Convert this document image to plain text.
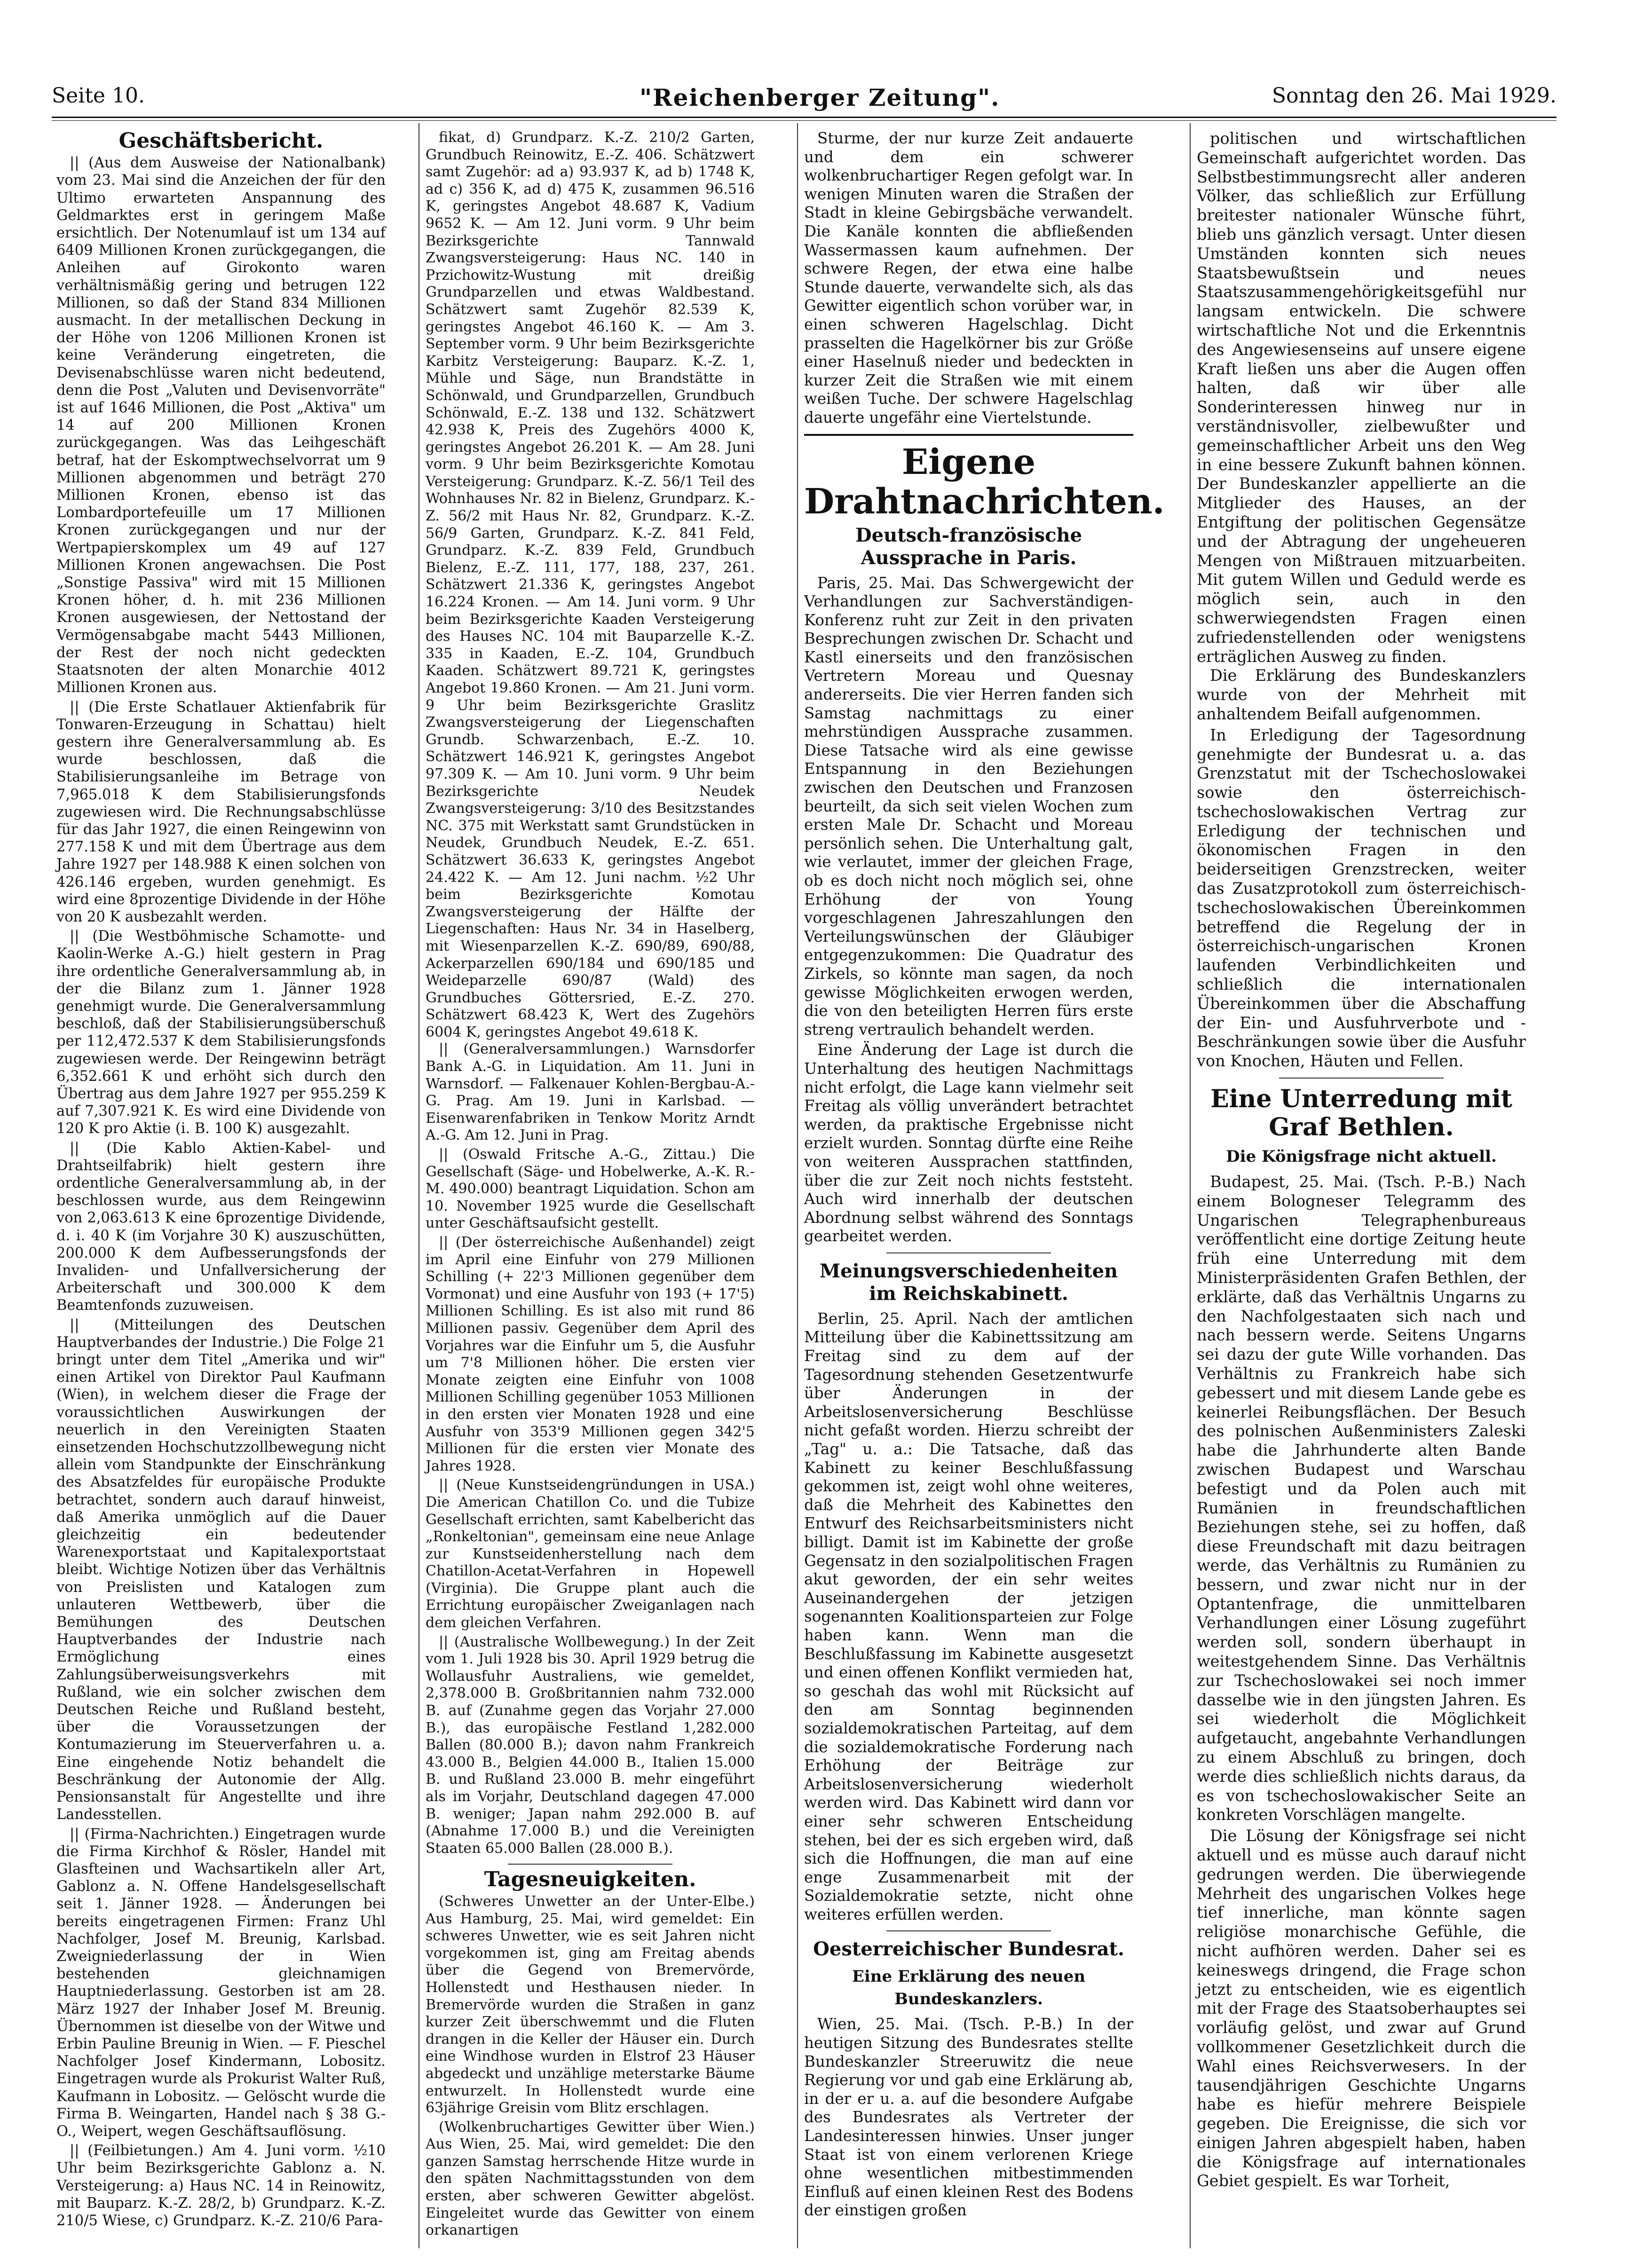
Seite 10.	"Reichenberger Zeitung".	Sonntag den 26. Mai 1929.
Geschäftsbericht.

|| (Aus dem Ausweise der Nationalbank) vom 23. Mai sind die Anzeichen der für den Ultimo erwarteten Anspannung des Geldmarktes erst in geringem Maße ersichtlich. Der Notenumlauf ist um 134 auf 6409 Millionen Kronen zurückgegangen, die Anleihen auf Girokonto waren verhältnismäßig gering und betrugen 122 Millionen, so daß der Stand 834 Millionen ausmacht. In der metallischen Deckung in der Höhe von 1206 Millionen Kronen ist keine Veränderung eingetreten, die Devisenabschlüsse waren nicht bedeutend, denn die Post „Valuten und Devisenvorräte" ist auf 1646 Millionen, die Post „Aktiva" um 14 auf 200 Millionen Kronen zurückgegangen. Was das Leihgeschäft betraf, hat der Eskomptwechselvorrat um 9 Millionen abgenommen und beträgt 270 Millionen Kronen, ebenso ist das Lombardportefeuille um 17 Millionen Kronen zurückgegangen und nur der Wertpapierskomplex um 49 auf 127 Millionen Kronen angewachsen. Die Post „Sonstige Passiva" wird mit 15 Millionen Kronen höher, d. h. mit 236 Millionen Kronen ausgewiesen, der Nettostand der Vermögensabgabe macht 5443 Millionen, der Rest der noch nicht gedeckten Staatsnoten der alten Monarchie 4012 Millionen Kronen aus.

|| (Die Erste Schatlauer Aktienfabrik für Tonwaren-Erzeugung in Schattau) hielt gestern ihre Generalversammlung ab. Es wurde beschlossen, daß die Stabilisierungsanleihe im Betrage von 7,965.018 K dem Stabilisierungsfonds zugewiesen wird. Die Rechnungsabschlüsse für das Jahr 1927, die einen Reingewinn von 277.158 K und mit dem Übertrage aus dem Jahre 1927 per 148.988 K einen solchen von 426.146 ergeben, wurden genehmigt. Es wird eine 8prozentige Dividende in der Höhe von 20 K ausbezahlt werden.

|| (Die Westböhmische Schamotte- und Kaolin-Werke A.-G.) hielt gestern in Prag ihre ordentliche Generalversammlung ab, in der die Bilanz zum 1. Jänner 1928 genehmigt wurde. Die Generalversammlung beschloß, daß der Stabilisierungsüberschuß per 112,472.537 K dem Stabilisierungsfonds zugewiesen werde. Der Reingewinn beträgt 6,352.661 K und erhöht sich durch den Übertrag aus dem Jahre 1927 per 955.259 K auf 7,307.921 K. Es wird eine Dividende von 120 K pro Aktie (i. B. 100 K) ausgezahlt.

|| (Die Kablo Aktien-Kabel- und Drahtseilfabrik) hielt gestern ihre ordentliche Generalversammlung ab, in der beschlossen wurde, aus dem Reingewinn von 2,063.613 K eine 6prozentige Dividende, d. i. 40 K (im Vorjahre 30 K) auszuschütten, 200.000 K dem Aufbesserungsfonds der Invaliden- und Unfallversicherung der Arbeiterschaft und 300.000 K dem Beamtenfonds zuzuweisen.

|| (Mitteilungen des Deutschen Hauptverbandes der Industrie.) Die Folge 21 bringt unter dem Titel „Amerika und wir" einen Artikel von Direktor Paul Kaufmann (Wien), in welchem dieser die Frage der voraussichtlichen Auswirkungen der neuerlich in den Vereinigten Staaten einsetzenden Hochschutzzollbewegung nicht allein vom Standpunkte der Einschränkung des Absatzfeldes für europäische Produkte betrachtet, sondern auch darauf hinweist, daß Amerika unmöglich auf die Dauer gleichzeitig ein bedeutender Warenexportstaat und Kapitalexportstaat bleibt. Wichtige Notizen über das Verhältnis von Preislisten und Katalogen zum unlauteren Wettbewerb, über die Bemühungen des Deutschen Hauptverbandes der Industrie nach Ermöglichung eines Zahlungsüberweisungsverkehrs mit Rußland, wie ein solcher zwischen dem Deutschen Reiche und Rußland besteht, über die Voraussetzungen der Kontumazierung im Steuerverfahren u. a. Eine eingehende Notiz behandelt die Beschränkung der Autonomie der Allg. Pensionsanstalt für Angestellte und ihre Landesstellen.

|| (Firma-Nachrichten.) Eingetragen wurde die Firma Kirchhof & Rösler, Handel mit Glasfteinen und Wachsartikeln aller Art, Gablonz a. N. Offene Handelsgesellschaft seit 1. Jänner 1928. — Änderungen bei bereits eingetragenen Firmen: Franz Uhl Nachfolger, Josef M. Breunig, Karlsbad. Zweigniederlassung der in Wien bestehenden gleichnamigen Hauptniederlassung. Gestorben ist am 28. März 1927 der Inhaber Josef M. Breunig. Übernommen ist dieselbe von der Witwe und Erbin Pauline Breunig in Wien. — F. Pieschel Nachfolger Josef Kindermann, Lobositz. Eingetragen wurde als Prokurist Walter Ruß, Kaufmann in Lobositz. — Gelöscht wurde die Firma B. Weingarten, Handel nach § 38 G.-O., Weipert, wegen Geschäftsauflösung.

|| (Feilbietungen.) Am 4. Juni vorm. ½10 Uhr beim Bezirksgerichte Gablonz a. N. Versteigerung: a) Haus NC. 14 in Reinowitz, mit Bauparz. K.-Z. 28/2, b) Grundparz. K.-Z. 210/5 Wiese, c) Grundparz. K.-Z. 210/6 Para-

fikat, d) Grundparz. K.-Z. 210/2 Garten, Grundbuch Reinowitz, E.-Z. 406. Schätzwert samt Zugehör: ad a) 93.937 K, ad b) 1748 K, ad c) 356 K, ad d) 475 K, zusammen 96.516 K, geringstes Angebot 48.687 K, Vadium 9652 K. — Am 12. Juni vorm. 9 Uhr beim Bezirksgerichte Tannwald Zwangsversteigerung: Haus NC. 140 in Przichowitz-Wustung mit dreißig Grundparzellen und etwas Waldbestand. Schätzwert samt Zugehör 82.539 K, geringstes Angebot 46.160 K. — Am 3. September vorm. 9 Uhr beim Bezirksgerichte Karbitz Versteigerung: Bauparz. K.-Z. 1, Mühle und Säge, nun Brandstätte in Schönwald, und Grundparzellen, Grundbuch Schönwald, E.-Z. 138 und 132. Schätzwert 42.938 K, Preis des Zugehörs 4000 K, geringstes Angebot 26.201 K. — Am 28. Juni vorm. 9 Uhr beim Bezirksgerichte Komotau Versteigerung: Grundparz. K.-Z. 56/1 Teil des Wohnhauses Nr. 82 in Bielenz, Grundparz. K.-Z. 56/2 mit Haus Nr. 82, Grundparz. K.-Z. 56/9 Garten, Grundparz. K.-Z. 841 Feld, Grundparz. K.-Z. 839 Feld, Grundbuch Bielenz, E.-Z. 111, 177, 188, 237, 261. Schätzwert 21.336 K, geringstes Angebot 16.224 Kronen. — Am 14. Juni vorm. 9 Uhr beim Bezirksgerichte Kaaden Versteigerung des Hauses NC. 104 mit Bauparzelle K.-Z. 335 in Kaaden, E.-Z. 104, Grundbuch Kaaden. Schätzwert 89.721 K, geringstes Angebot 19.860 Kronen. — Am 21. Juni vorm. 9 Uhr beim Bezirksgerichte Graslitz Zwangsversteigerung der Liegenschaften Grundb. Schwarzenbach, E.-Z. 10. Schätzwert 146.921 K, geringstes Angebot 97.309 K. — Am 10. Juni vorm. 9 Uhr beim Bezirksgerichte Neudek Zwangsversteigerung: 3/10 des Besitzstandes NC. 375 mit Werkstatt samt Grundstücken in Neudek, Grundbuch Neudek, E.-Z. 651. Schätzwert 36.633 K, geringstes Angebot 24.422 K. — Am 12. Juni nachm. ½2 Uhr beim Bezirksgerichte Komotau Zwangsversteigerung der Hälfte der Liegenschaften: Haus Nr. 34 in Haselberg, mit Wiesenparzellen K.-Z. 690/89, 690/88, Ackerparzellen 690/184 und 690/185 und Weideparzelle 690/87 (Wald) des Grundbuches Göttersried, E.-Z. 270. Schätzwert 68.423 K, Wert des Zugehörs 6004 K, geringstes Angebot 49.618 K.

|| (Generalversammlungen.) Warnsdorfer Bank A.-G. in Liquidation. Am 11. Juni in Warnsdorf. — Falkenauer Kohlen-Bergbau-A.-G. Prag. Am 19. Juni in Karlsbad. — Eisenwarenfabriken in Tenkow Moritz Arndt A.-G. Am 12. Juni in Prag.

|| (Oswald Fritsche A.-G., Zittau.) Die Gesellschaft (Säge- und Hobelwerke, A.-K. R.-M. 490.000) beantragt Liquidation. Schon am 10. November 1925 wurde die Gesellschaft unter Geschäftsaufsicht gestellt.

|| (Der österreichische Außenhandel) zeigt im April eine Einfuhr von 279 Millionen Schilling (+ 22'3 Millionen gegenüber dem Vormonat) und eine Ausfuhr von 193 (+ 17'5) Millionen Schilling. Es ist also mit rund 86 Millionen passiv. Gegenüber dem April des Vorjahres war die Einfuhr um 5, die Ausfuhr um 7'8 Millionen höher. Die ersten vier Monate zeigten eine Einfuhr von 1008 Millionen Schilling gegenüber 1053 Millionen in den ersten vier Monaten 1928 und eine Ausfuhr von 353'9 Millionen gegen 342'5 Millionen für die ersten vier Monate des Jahres 1928.

|| (Neue Kunstseidengründungen in USA.) Die American Chatillon Co. und die Tubize Gesellschaft errichten, samt Kabelbericht das „Ronkeltonian", gemeinsam eine neue Anlage zur Kunstseidenherstellung nach dem Chatillon-Acetat-Verfahren in Hopewell (Virginia). Die Gruppe plant auch die Errichtung europäischer Zweiganlagen nach dem gleichen Verfahren.

|| (Australische Wollbewegung.) In der Zeit vom 1. Juli 1928 bis 30. April 1929 betrug die Wollausfuhr Australiens, wie gemeldet, 2,378.000 B. Großbritannien nahm 732.000 B. auf (Zunahme gegen das Vorjahr 27.000 B.), das europäische Festland 1,282.000 Ballen (80.000 B.); davon nahm Frankreich 43.000 B., Belgien 44.000 B., Italien 15.000 B. und Rußland 23.000 B. mehr eingeführt als im Vorjahr, Deutschland dagegen 47.000 B. weniger; Japan nahm 292.000 B. auf (Abnahme 17.000 B.) und die Vereinigten Staaten 65.000 Ballen (28.000 B.).

Tagesneuigkeiten.

(Schweres Unwetter an der Unter-Elbe.) Aus Hamburg, 25. Mai, wird gemeldet: Ein schweres Unwetter, wie es seit Jahren nicht vorgekommen ist, ging am Freitag abends über die Gegend von Bremervörde, Hollenstedt und Hesthausen nieder. In Bremervörde wurden die Straßen in ganz kurzer Zeit überschwemmt und die Fluten drangen in die Keller der Häuser ein. Durch eine Windhose wurden in Elstrof 23 Häuser abgedeckt und unzählige meterstarke Bäume entwurzelt. In Hollenstedt wurde eine 63jährige Greisin vom Blitz erschlagen.

(Wolkenbruchartiges Gewitter über Wien.) Aus Wien, 25. Mai, wird gemeldet: Die den ganzen Samstag herrschende Hitze wurde in den späten Nachmittagsstunden von dem ersten, aber schweren Gewitter abgelöst. Eingeleitet wurde das Gewitter von einem orkanartigen

Sturme, der nur kurze Zeit andauerte und dem ein schwerer wolkenbruchartiger Regen gefolgt war. In wenigen Minuten waren die Straßen der Stadt in kleine Gebirgsbäche verwandelt. Die Kanäle konnten die abfließenden Wassermassen kaum aufnehmen. Der schwere Regen, der etwa eine halbe Stunde dauerte, verwandelte sich, als das Gewitter eigentlich schon vorüber war, in einen schweren Hagelschlag. Dicht prasselten die Hagelkörner bis zur Größe einer Haselnuß nieder und bedeckten in kurzer Zeit die Straßen wie mit einem weißen Tuche. Der schwere Hagelschlag dauerte ungefähr eine Viertelstunde.

Eigene Drahtnachrichten.
Deutsch-französische Aussprache in Paris.

Paris, 25. Mai. Das Schwergewicht der Verhandlungen zur Sachverständigen-Konferenz ruht zur Zeit in den privaten Besprechungen zwischen Dr. Schacht und Kastl einerseits und den französischen Vertretern Moreau und Quesnay andererseits. Die vier Herren fanden sich Samstag nachmittags zu einer mehrstündigen Aussprache zusammen. Diese Tatsache wird als eine gewisse Entspannung in den Beziehungen zwischen den Deutschen und Franzosen beurteilt, da sich seit vielen Wochen zum ersten Male Dr. Schacht und Moreau persönlich sehen. Die Unterhaltung galt, wie verlautet, immer der gleichen Frage, ob es doch nicht noch möglich sei, ohne Erhöhung der von Young vorgeschlagenen Jahreszahlungen den Verteilungswünschen der Gläubiger entgegenzukommen: Die Quadratur des Zirkels, so könnte man sagen, da noch gewisse Möglichkeiten erwogen werden, die von den beteiligten Herren fürs erste streng vertraulich behandelt werden.

Eine Änderung der Lage ist durch die Unterhaltung des heutigen Nachmittags nicht erfolgt, die Lage kann vielmehr seit Freitag als völlig unverändert betrachtet werden, da praktische Ergebnisse nicht erzielt wurden. Sonntag dürfte eine Reihe von weiteren Aussprachen stattfinden, über die zur Zeit noch nichts feststeht. Auch wird innerhalb der deutschen Abordnung selbst während des Sonntags gearbeitet werden.

Meinungsverschiedenheiten im Reichskabinett.

Berlin, 25. April. Nach der amtlichen Mitteilung über die Kabinettssitzung am Freitag sind zu dem auf der Tagesordnung stehenden Gesetzentwurfe über Änderungen in der Arbeitslosenversicherung Beschlüsse nicht gefaßt worden. Hierzu schreibt der „Tag" u. a.: Die Tatsache, daß das Kabinett zu keiner Beschlußfassung gekommen ist, zeigt wohl ohne weiteres, daß die Mehrheit des Kabinettes den Entwurf des Reichsarbeitsministers nicht billigt. Damit ist im Kabinette der große Gegensatz in den sozialpolitischen Fragen akut geworden, der ein sehr weites Auseinandergehen der jetzigen sogenannten Koalitionsparteien zur Folge haben kann. Wenn man die Beschlußfassung im Kabinette ausgesetzt und einen offenen Konflikt vermieden hat, so geschah das wohl mit Rücksicht auf den am Sonntag beginnenden sozialdemokratischen Parteitag, auf dem die sozialdemokratische Forderung nach Erhöhung der Beiträge zur Arbeitslosenversicherung wiederholt werden wird. Das Kabinett wird dann vor einer sehr schweren Entscheidung stehen, bei der es sich ergeben wird, daß sich die Hoffnungen, die man auf eine enge Zusammenarbeit mit der Sozialdemokratie setzte, nicht ohne weiteres erfüllen werden.

Oesterreichischer Bundesrat.
Eine Erklärung des neuen Bundeskanzlers.

Wien, 25. Mai. (Tsch. P.-B.) In der heutigen Sitzung des Bundesrates stellte Bundeskanzler Streeruwitz die neue Regierung vor und gab eine Erklärung ab, in der er u. a. auf die besondere Aufgabe des Bundesrates als Vertreter der Landesinteressen hinwies. Unser junger Staat ist von einem verlorenen Kriege ohne wesentlichen mitbestimmenden Einfluß auf einen kleinen Rest des Bodens der einstigen großen

politischen und wirtschaftlichen Gemeinschaft aufgerichtet worden. Das Selbstbestimmungsrecht aller anderen Völker, das schließlich zur Erfüllung breitester nationaler Wünsche führt, blieb uns gänzlich versagt. Unter diesen Umständen konnten sich neues Staatsbewußtsein und neues Staatszusammengehörigkeitsgefühl nur langsam entwickeln. Die schwere wirtschaftliche Not und die Erkenntnis des Angewiesenseins auf unsere eigene Kraft ließen uns aber die Augen offen halten, daß wir über alle Sonderinteressen hinweg nur in verständnisvoller, zielbewußter und gemeinschaftlicher Arbeit uns den Weg in eine bessere Zukunft bahnen können. Der Bundeskanzler appellierte an die Mitglieder des Hauses, an der Entgiftung der politischen Gegensätze und der Abtragung der ungeheueren Mengen von Mißtrauen mitzuarbeiten. Mit gutem Willen und Geduld werde es möglich sein, auch in den schwerwiegendsten Fragen einen zufriedenstellenden oder wenigstens erträglichen Ausweg zu finden.

Die Erklärung des Bundeskanzlers wurde von der Mehrheit mit anhaltendem Beifall aufgenommen.

In Erledigung der Tagesordnung genehmigte der Bundesrat u. a. das Grenzstatut mit der Tschechoslowakei sowie den österreichisch-tschechoslowakischen Vertrag zur Erledigung der technischen und ökonomischen Fragen in den beiderseitigen Grenzstrecken, weiter das Zusatzprotokoll zum österreichisch-tschechoslowakischen Übereinkommen betreffend die Regelung der in österreichisch-ungarischen Kronen laufenden Verbindlichkeiten und schließlich die internationalen Übereinkommen über die Abschaffung der Ein- und Ausfuhrverbote und -Beschränkungen sowie über die Ausfuhr von Knochen, Häuten und Fellen.

Eine Unterredung mit Graf Bethlen.
Die Königsfrage nicht aktuell.

Budapest, 25. Mai. (Tsch. P.-B.) Nach einem Bologneser Telegramm des Ungarischen Telegraphenbureaus veröffentlicht eine dortige Zeitung heute früh eine Unterredung mit dem Ministerpräsidenten Grafen Bethlen, der erklärte, daß das Verhältnis Ungarns zu den Nachfolgestaaten sich nach und nach bessern werde. Seitens Ungarns sei dazu der gute Wille vorhanden. Das Verhältnis zu Frankreich habe sich gebessert und mit diesem Lande gebe es keinerlei Reibungsflächen. Der Besuch des polnischen Außenministers Zaleski habe die Jahrhunderte alten Bande zwischen Budapest und Warschau befestigt und da Polen auch mit Rumänien in freundschaftlichen Beziehungen stehe, sei zu hoffen, daß diese Freundschaft mit dazu beitragen werde, das Verhältnis zu Rumänien zu bessern, und zwar nicht nur in der Optantenfrage, die unmittelbaren Verhandlungen einer Lösung zugeführt werden soll, sondern überhaupt in weitestgehendem Sinne. Das Verhältnis zur Tschechoslowakei sei noch immer dasselbe wie in den jüngsten Jahren. Es sei wiederholt die Möglichkeit aufgetaucht, angebahnte Verhandlungen zu einem Abschluß zu bringen, doch werde dies schließlich nichts daraus, da es von tschechoslowakischer Seite an konkreten Vorschlägen mangelte.

Die Lösung der Königsfrage sei nicht aktuell und es müsse auch darauf nicht gedrungen werden. Die überwiegende Mehrheit des ungarischen Volkes hege tief innerliche, man könnte sagen religiöse monarchische Gefühle, die nicht aufhören werden. Daher sei es keineswegs dringend, die Frage schon jetzt zu entscheiden, wie es eigentlich mit der Frage des Staatsoberhauptes sei vorläufig gelöst, und zwar auf Grund vollkommener Gesetzlichkeit durch die Wahl eines Reichsverwesers. In der tausendjährigen Geschichte Ungarns habe es hiefür mehrere Beispiele gegeben. Die Ereignisse, die sich vor einigen Jahren abgespielt haben, haben die Königsfrage auf internationales Gebiet gespielt. Es war Torheit,
